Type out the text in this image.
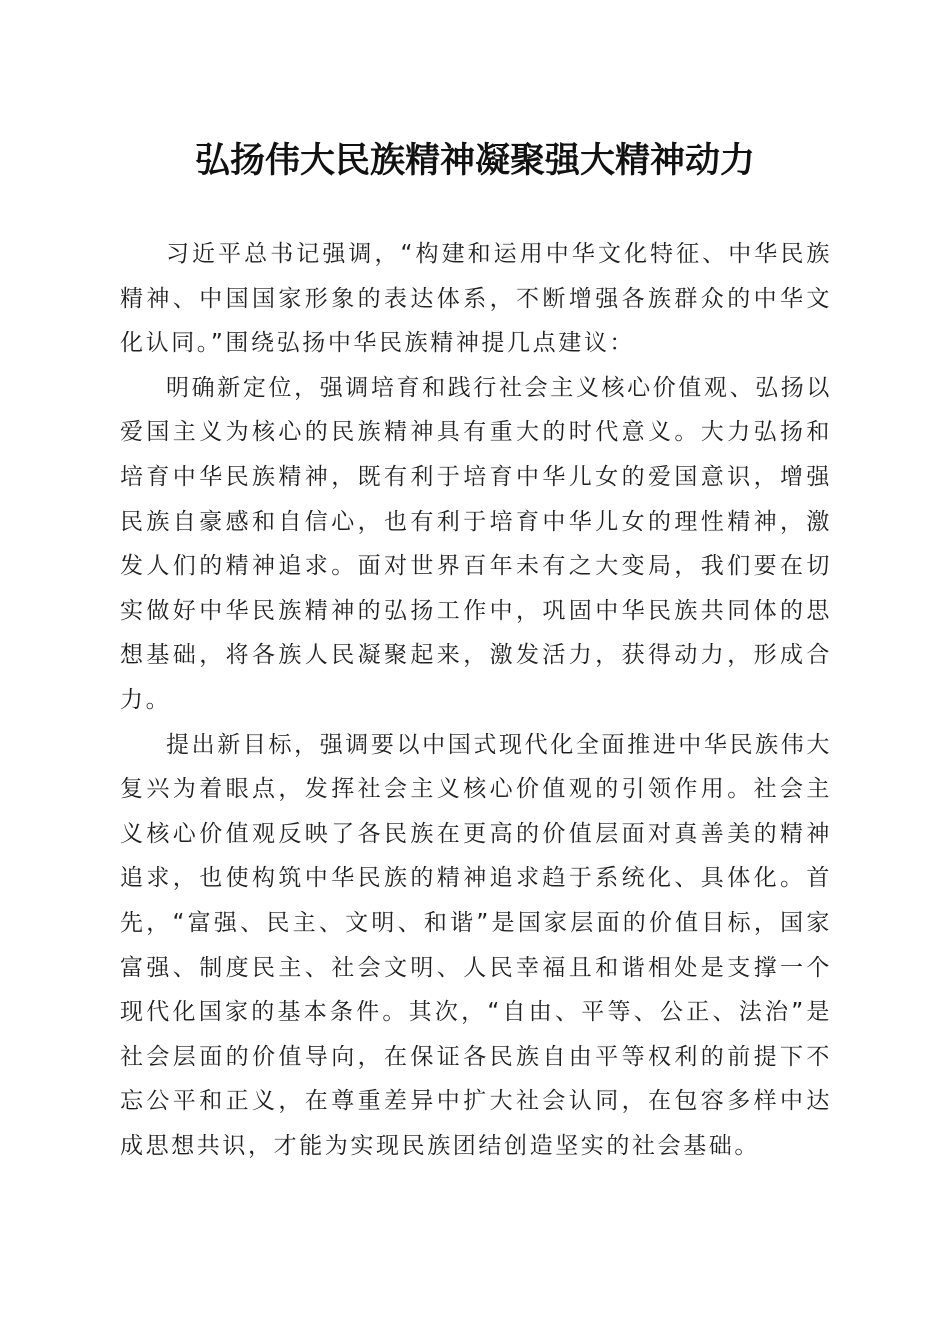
弘扬伟大民族精神凝聚强大精神动力

习近平总书记强调，“构建和运用中华文化特征、中华民族精神、中国国家形象的表达体系，不断增强各族群众的中华文化认同。”围绕弘扬中华民族精神提几点建议：

明确新定位，强调培育和践行社会主义核心价值观、弘扬以爱国主义为核心的民族精神具有重大的时代意义。大力弘扬和培育中华民族精神，既有利于培育中华儿女的爱国意识，增强民族自豪感和自信心，也有利于培育中华儿女的理性精神，激发人们的精神追求。面对世界百年未有之大变局，我们要在切实做好中华民族精神的弘扬工作中，巩固中华民族共同体的思想基础，将各族人民凝聚起来，激发活力，获得动力，形成合力。

提出新目标，强调要以中国式现代化全面推进中华民族伟大复兴为着眼点，发挥社会主义核心价值观的引领作用。社会主义核心价值观反映了各民族在更高的价值层面对真善美的精神追求，也使构筑中华民族的精神追求趋于系统化、具体化。首先，“富强、民主、文明、和谐”是国家层面的价值目标，国家富强、制度民主、社会文明、人民幸福且和谐相处是支撑一个现代化国家的基本条件。其次，“自由、平等、公正、法治”是社会层面的价值导向，在保证各民族自由平等权利的前提下不忘公平和正义，在尊重差异中扩大社会认同，在包容多样中达成思想共识，才能为实现民族团结创造坚实的社会基础。
